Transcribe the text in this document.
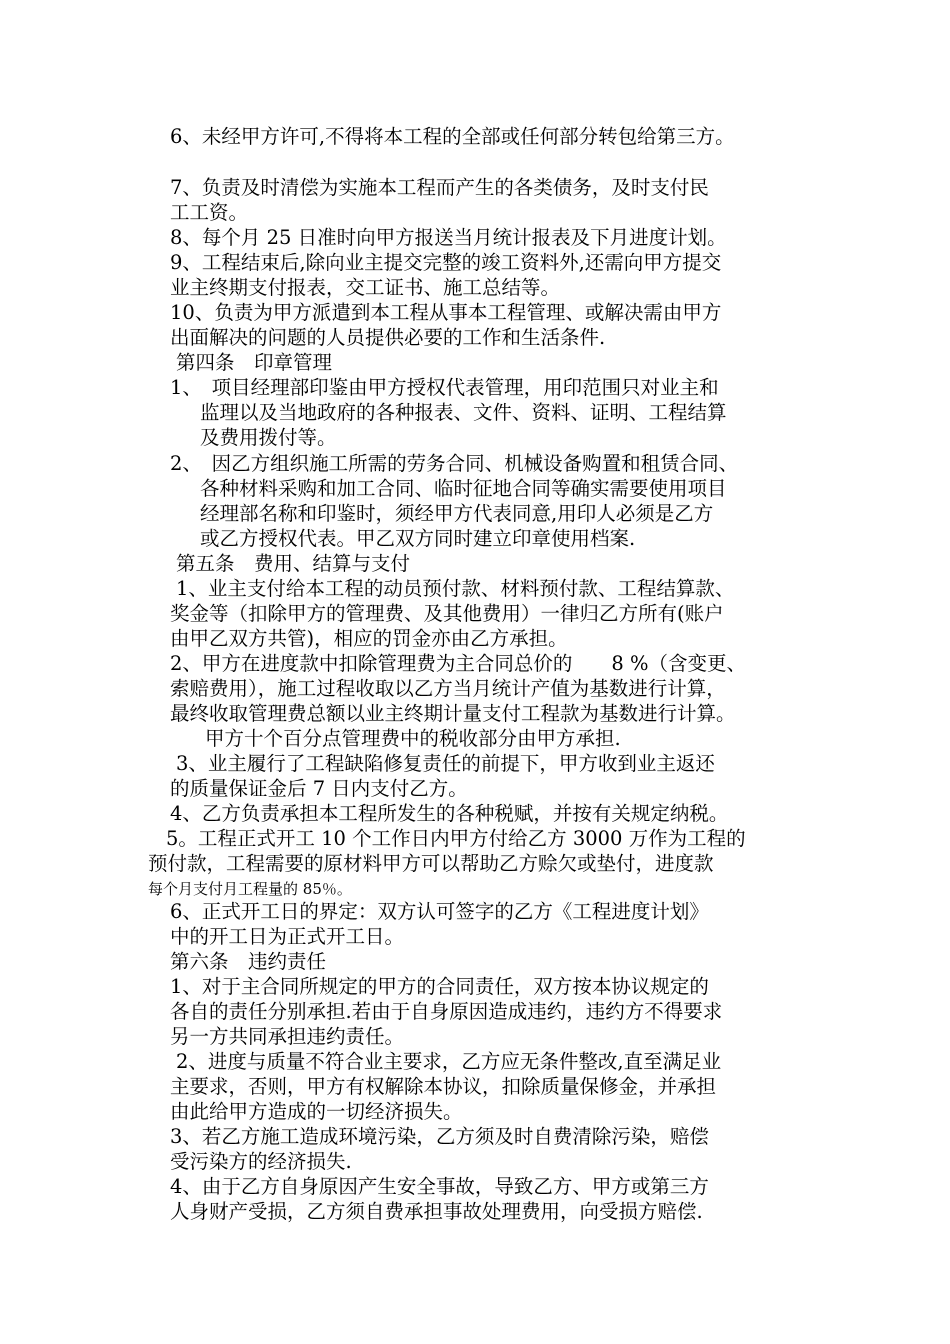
6、未经甲方许可,不得将本工程的全部或任何部分转包给第三方。
7、负责及时清偿为实施本工程而产生的各类债务，及时支付民
工工资。
8、每个月 25 日准时向甲方报送当月统计报表及下月进度计划。
9、工程结束后,除向业主提交完整的竣工资料外,还需向甲方提交
业主终期支付报表，交工证书、施工总结等。
10、负责为甲方派遣到本工程从事本工程管理、或解决需由甲方
出面解决的问题的人员提供必要的工作和生活条件.
第四条　印章管理
1、　项目经理部印鉴由甲方授权代表管理，用印范围只对业主和
监理以及当地政府的各种报表、文件、资料、证明、工程结算
及费用拨付等。
2、　因乙方组织施工所需的劳务合同、机械设备购置和租赁合同、
各种材料采购和加工合同、临时征地合同等确实需要使用项目
经理部名称和印鉴时，须经甲方代表同意,用印人必须是乙方
或乙方授权代表。甲乙双方同时建立印章使用档案.
第五条　费用、结算与支付
1、业主支付给本工程的动员预付款、材料预付款、工程结算款、
奖金等（扣除甲方的管理费、及其他费用）一律归乙方所有(账户
由甲乙双方共管)，相应的罚金亦由乙方承担。
2、甲方在进度款中扣除管理费为主合同总价的　　8 %（含变更、
索赔费用），施工过程收取以乙方当月统计产值为基数进行计算，
最终收取管理费总额以业主终期计量支付工程款为基数进行计算。
甲方十个百分点管理费中的税收部分由甲方承担.
3、业主履行了工程缺陷修复责任的前提下，甲方收到业主返还
的质量保证金后 7 日内支付乙方。
4、乙方负责承担本工程所发生的各种税赋，并按有关规定纳税。
5。工程正式开工 10 个工作日内甲方付给乙方 3000 万作为工程的
预付款，工程需要的原材料甲方可以帮助乙方赊欠或垫付，进度款
每个月支付月工程量的 85％。
6、正式开工日的界定：双方认可签字的乙方《工程进度计划》
中的开工日为正式开工日。
第六条　违约责任
1、对于主合同所规定的甲方的合同责任，双方按本协议规定的
各自的责任分别承担.若由于自身原因造成违约，违约方不得要求
另一方共同承担违约责任。
2、进度与质量不符合业主要求，乙方应无条件整改,直至满足业
主要求，否则，甲方有权解除本协议，扣除质量保修金，并承担
由此给甲方造成的一切经济损失。
3、若乙方施工造成环境污染，乙方须及时自费清除污染，赔偿
受污染方的经济损失.
4、由于乙方自身原因产生安全事故，导致乙方、甲方或第三方
人身财产受损，乙方须自费承担事故处理费用，向受损方赔偿.
